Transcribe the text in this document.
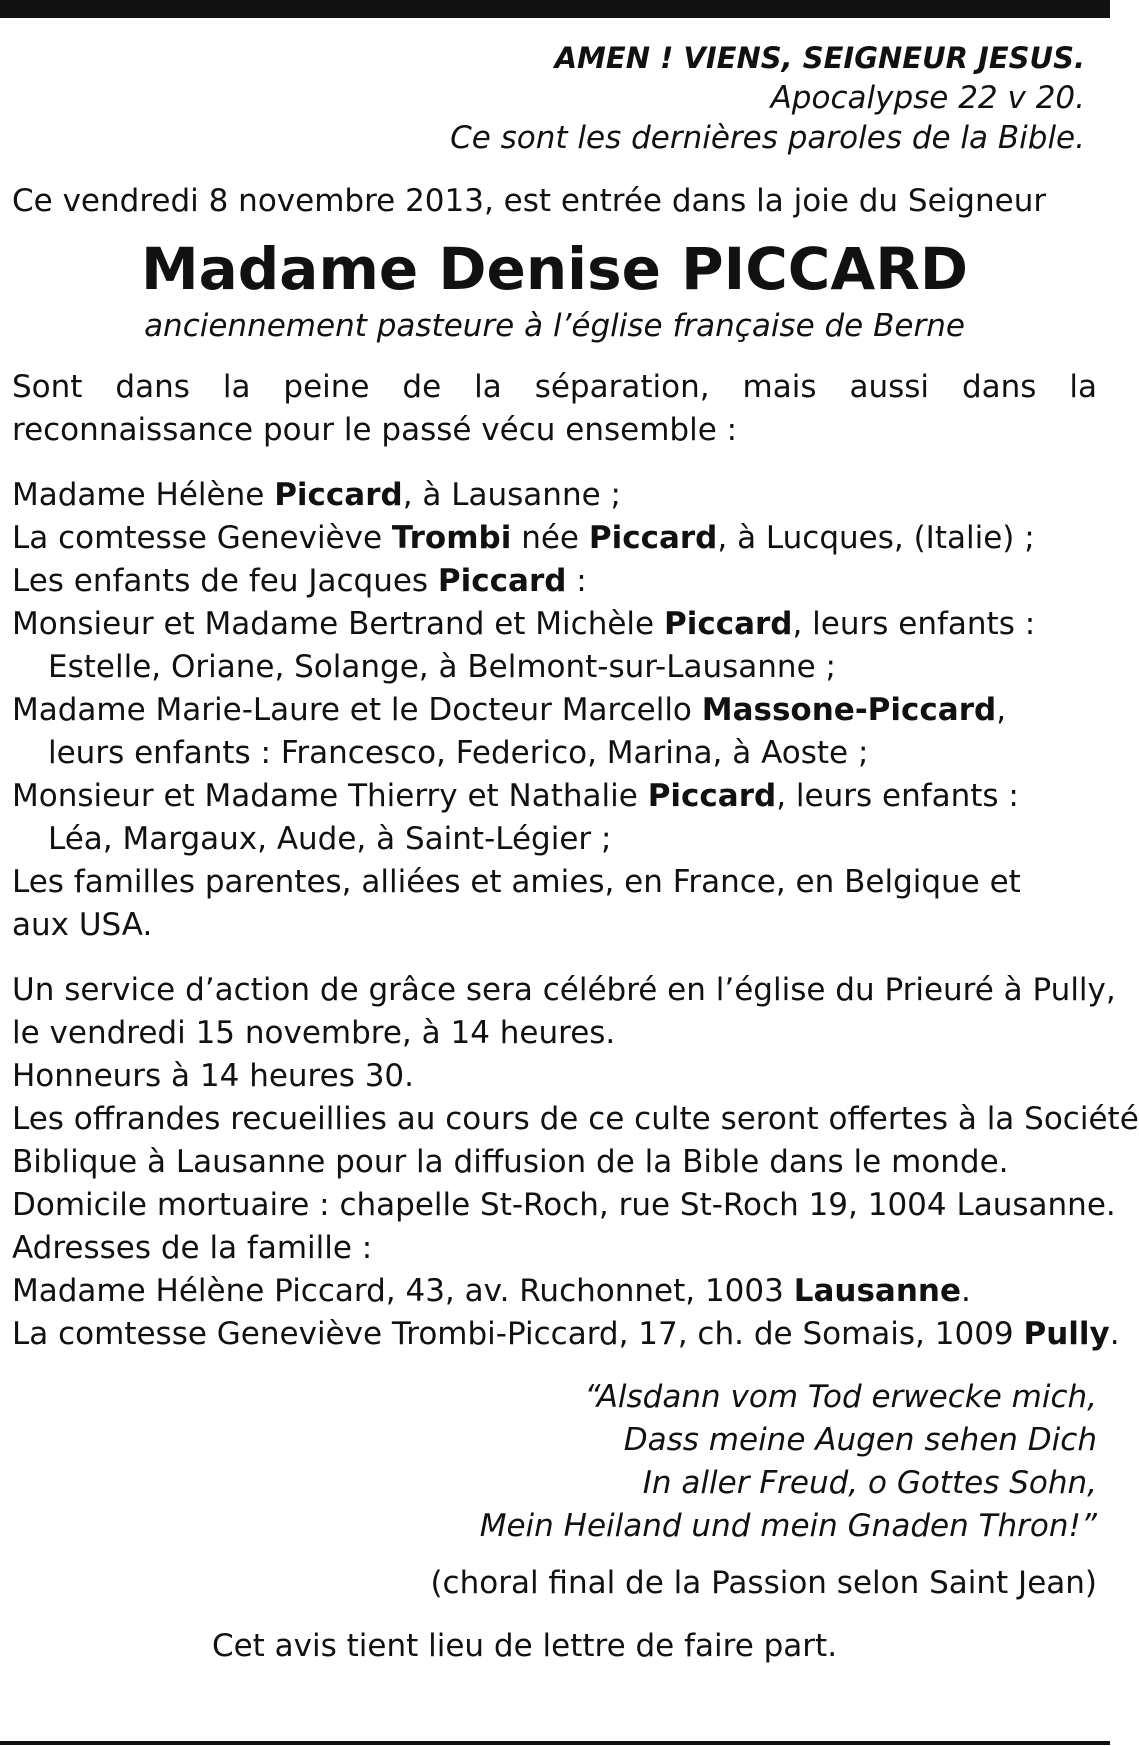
AMEN ! VIENS, SEIGNEUR JESUS.
Apocalypse 22 v 20.
Ce sont les dernières paroles de la Bible.
Ce vendredi 8 novembre 2013, est entrée dans la joie du Seigneur
Madame Denise PICCARD
anciennement pasteure à l’église française de Berne
Sont dans la peine de la séparation, mais aussi dans la reconnaissance pour le passé vécu ensemble :
Madame Hélène Piccard, à Lausanne ;
La comtesse Geneviève Trombi née Piccard, à Lucques, (Italie) ;
Les enfants de feu Jacques Piccard :
Monsieur et Madame Bertrand et Michèle Piccard, leurs enfants :
Estelle, Oriane, Solange, à Belmont-sur-Lausanne ;
Madame Marie-Laure et le Docteur Marcello Massone-Piccard,
leurs enfants : Francesco, Federico, Marina, à Aoste ;
Monsieur et Madame Thierry et Nathalie Piccard, leurs enfants :
Léa, Margaux, Aude, à Saint-Légier ;
Les familles parentes, alliées et amies, en France, en Belgique et
aux USA.
Un service d’action de grâce sera célébré en l’église du Prieuré à Pully,
le vendredi 15 novembre, à 14 heures.
Honneurs à 14 heures 30.
Les offrandes recueillies au cours de ce culte seront offertes à la Société
Biblique à Lausanne pour la diffusion de la Bible dans le monde.
Domicile mortuaire : chapelle St-Roch, rue St-Roch 19, 1004 Lausanne.
Adresses de la famille :
Madame Hélène Piccard, 43, av. Ruchonnet, 1003 Lausanne.
La comtesse Geneviève Trombi-Piccard, 17, ch. de Somais, 1009 Pully.
“Alsdann vom Tod erwecke mich,
Dass meine Augen sehen Dich
In aller Freud, o Gottes Sohn,
Mein Heiland und mein Gnaden Thron!”
(choral final de la Passion selon Saint Jean)
Cet avis tient lieu de lettre de faire part.
